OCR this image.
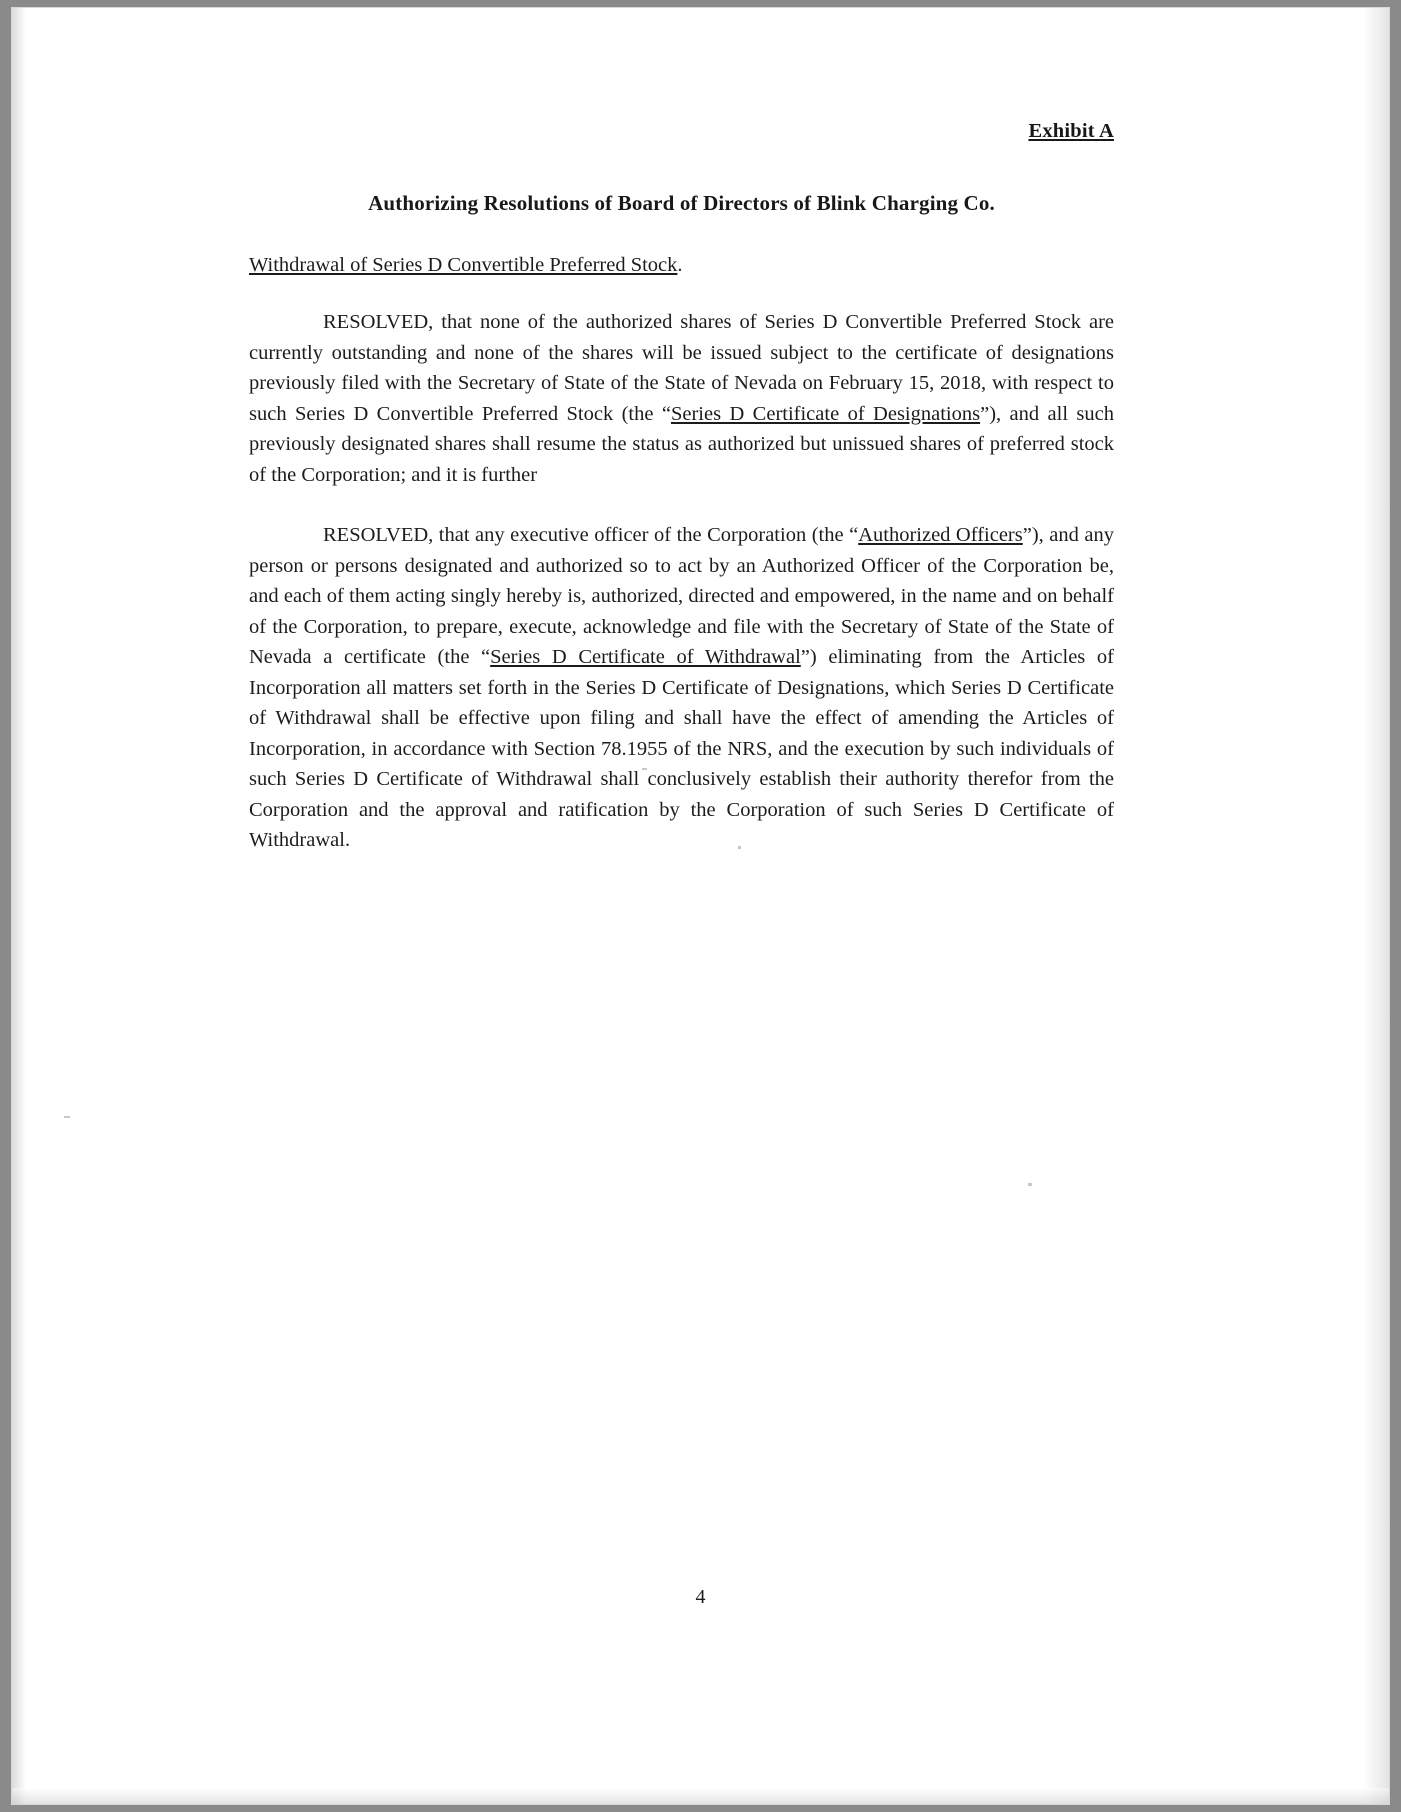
Exhibit A
Authorizing Resolutions of Board of Directors of Blink Charging Co.
Withdrawal of Series D Convertible Preferred Stock.

RESOLVED, that none of the authorized shares of Series D Convertible Preferred Stock are currently outstanding and none of the shares will be issued subject to the certificate of designations previously filed with the Secretary of State of the State of Nevada on February 15, 2018, with respect to such Series D Convertible Preferred Stock (the “Series D Certificate of Designations”), and all such previously designated shares shall resume the status as authorized but unissued shares of preferred stock of the Corporation; and it is further

RESOLVED, that any executive officer of the Corporation (the “Authorized Officers”), and any person or persons designated and authorized so to act by an Authorized Officer of the Corporation be, and each of them acting singly hereby is, authorized, directed and empowered, in the name and on behalf of the Corporation, to prepare, execute, acknowledge and file with the Secretary of State of the State of Nevada a certificate (the “Series D Certificate of Withdrawal”) eliminating from the Articles of Incorporation all matters set forth in the Series D Certificate of Designations, which Series D Certificate of Withdrawal shall be effective upon filing and shall have the effect of amending the Articles of Incorporation, in accordance with Section 78.1955 of the NRS, and the execution by such individuals of such Series D Certificate of Withdrawal shall conclusively establish their authority therefor from the Corporation and the approval and ratification by the Corporation of such Series D Certificate of Withdrawal.

4
